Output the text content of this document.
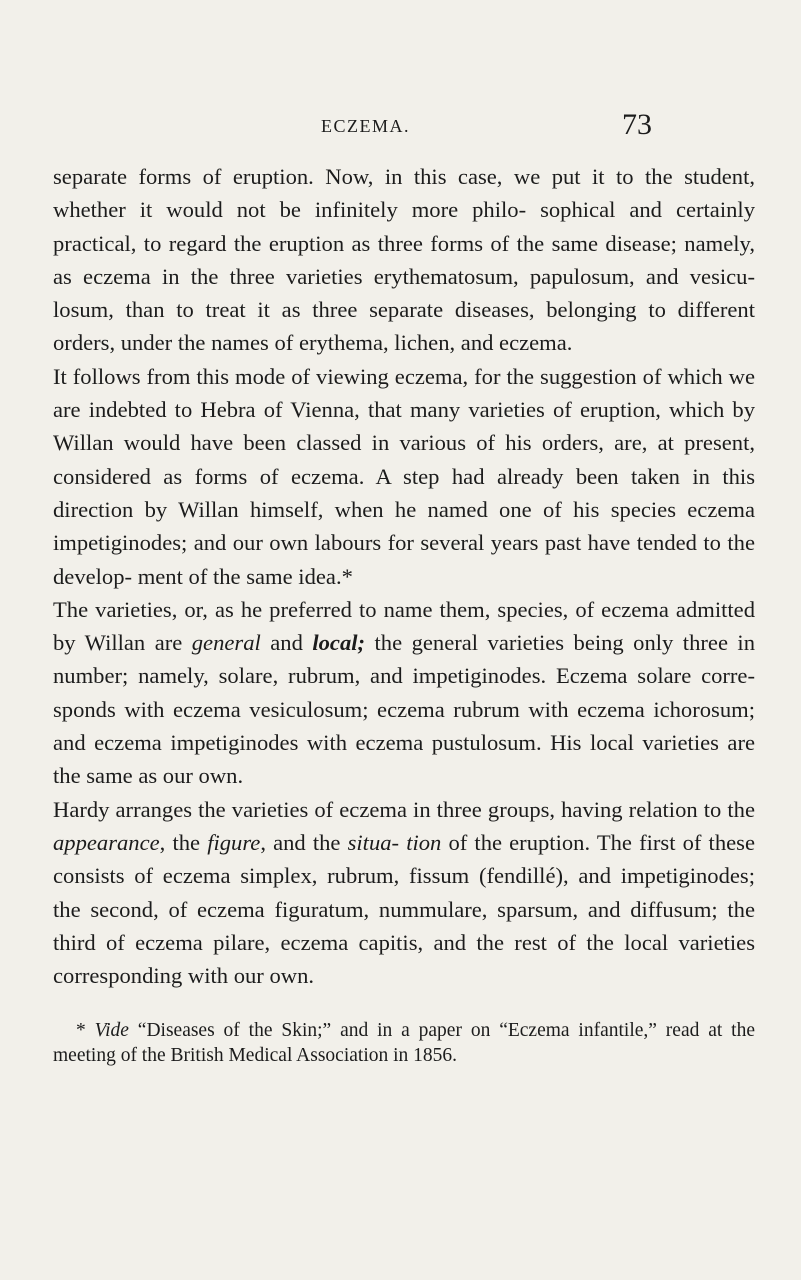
ECZEMA.	73

separate forms of eruption. Now, in this case, we put it to the student, whether it would not be infinitely more philo- sophical and certainly practical, to regard the eruption as three forms of the same disease; namely, as eczema in the three varieties erythematosum, papulosum, and vesicu- losum, than to treat it as three separate diseases, belonging to different orders, under the names of erythema, lichen, and eczema.

It follows from this mode of viewing eczema, for the suggestion of which we are indebted to Hebra of Vienna, that many varieties of eruption, which by Willan would have been classed in various of his orders, are, at present, considered as forms of eczema. A step had already been taken in this direction by Willan himself, when he named one of his species eczema impetiginodes; and our own labours for several years past have tended to the develop- ment of the same idea.*

The varieties, or, as he preferred to name them, species, of eczema admitted by Willan are general and local; the general varieties being only three in number; namely, solare, rubrum, and impetiginodes. Eczema solare corre- sponds with eczema vesiculosum; eczema rubrum with eczema ichorosum; and eczema impetiginodes with eczema pustulosum. His local varieties are the same as our own.

Hardy arranges the varieties of eczema in three groups, having relation to the appearance, the figure, and the situa- tion of the eruption. The first of these consists of eczema simplex, rubrum, fissum (fendillé), and impetiginodes; the second, of eczema figuratum, nummulare, sparsum, and diffusum; the third of eczema pilare, eczema capitis, and the rest of the local varieties corresponding with our own.

* Vide “Diseases of the Skin;” and in a paper on “Eczema infantile,” read at the meeting of the British Medical Association in 1856.
